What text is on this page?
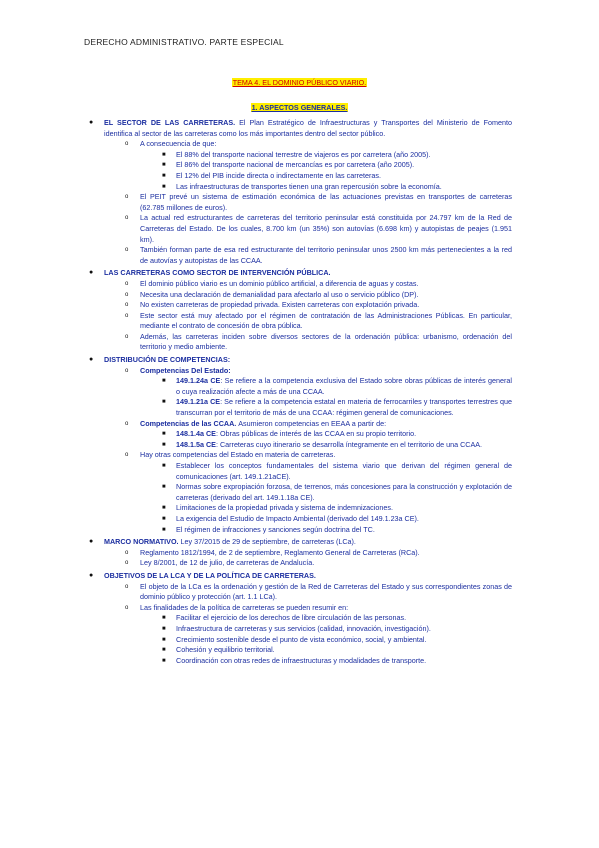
DERECHO ADMINISTRATIVO. PARTE ESPECIAL
TEMA 4. EL DOMINIO PÚBLICO VIARIO.
1. ASPECTOS GENERALES.
● EL SECTOR DE LAS CARRETERAS. El Plan Estratégico de Infraestructuras y Transportes del Ministerio de Fomento identifica al sector de las carreteras como los más importantes dentro del sector público.
o A consecuencia de que:
■ El 88% del transporte nacional terrestre de viajeros es por carretera (año 2005).
■ El 86% del transporte nacional de mercancías es por carretera (año 2005).
■ El 12% del PIB incide directa o indirectamente en las carreteras.
■ Las infraestructuras de transportes tienen una gran repercusión sobre la economía.
o El PEIT prevé un sistema de estimación económica de las actuaciones previstas en transportes de carreteras (62.785 millones de euros).
o La actual red estructurantes de carreteras del territorio peninsular está constituida por 24.797 km de la Red de Carreteras del Estado. De los cuales, 8.700 km (un 35%) son autovías (6.698 km) y autopistas de peajes (1.951 km).
o También forman parte de esa red estructurante del territorio peninsular unos 2500 km más pertenecientes a la red de autovías y autopistas de las CCAA.
● LAS CARRETERAS COMO SECTOR DE INTERVENCIÓN PÚBLICA.
o El dominio público viario es un dominio público artificial, a diferencia de aguas y costas.
o Necesita una declaración de demanialidad para afectarlo al uso o servicio público (DP).
o No existen carreteras de propiedad privada. Existen carreteras con explotación privada.
o Este sector está muy afectado por el régimen de contratación de las Administraciones Públicas. En particular, mediante el contrato de concesión de obra pública.
o Además, las carreteras inciden sobre diversos sectores de la ordenación pública: urbanismo, ordenación del territorio y medio ambiente.
● DISTRIBUCIÓN DE COMPETENCIAS:
o Competencias Del Estado:
■ 149.1.24a CE: Se refiere a la competencia exclusiva del Estado sobre obras públicas de interés general o cuya realización afecte a más de una CCAA.
■ 149.1.21a CE: Se refiere a la competencia estatal en materia de ferrocarriles y transportes terrestres que transcurran por el territorio de más de una CCAA: régimen general de comunicaciones.
o Competencias de las CCAA. Asumieron competencias en EEAA a partir de:
■ 148.1.4a CE: Obras públicas de interés de las CCAA en su propio territorio.
■ 148.1.5a CE: Carreteras cuyo itinerario se desarrolla íntegramente en el territorio de una CCAA.
o Hay otras competencias del Estado en materia de carreteras.
■ Establecer los conceptos fundamentales del sistema viario que derivan del régimen general de comunicaciones (art. 149.1.21aCE).
■ Normas sobre expropiación forzosa, de terrenos, más concesiones para la construcción y explotación de carreteras (derivado del art. 149.1.18a CE).
■ Limitaciones de la propiedad privada y sistema de indemnizaciones.
■ La exigencia del Estudio de Impacto Ambiental (derivado del 149.1.23a CE).
■ El régimen de infracciones y sanciones según doctrina del TC.
● MARCO NORMATIVO. Ley 37/2015 de 29 de septiembre, de carreteras (LCa).
o Reglamento 1812/1994, de 2 de septiembre, Reglamento General de Carreteras (RCa).
o Ley 8/2001, de 12 de julio, de carreteras de Andalucía.
● OBJETIVOS DE LA LCA Y DE LA POLÍTICA DE CARRETERAS.
o El objeto de la LCa es la ordenación y gestión de la Red de Carreteras del Estado y sus correspondientes zonas de dominio público y protección (art. 1.1 LCa).
o Las finalidades de la política de carreteras se pueden resumir en:
■ Facilitar el ejercicio de los derechos de libre circulación de las personas.
■ Infraestructura de carreteras y sus servicios (calidad, innovación, investigación).
■ Crecimiento sostenible desde el punto de vista económico, social, y ambiental.
■ Cohesión y equilibrio territorial.
■ Coordinación con otras redes de infraestructuras y modalidades de transporte.
